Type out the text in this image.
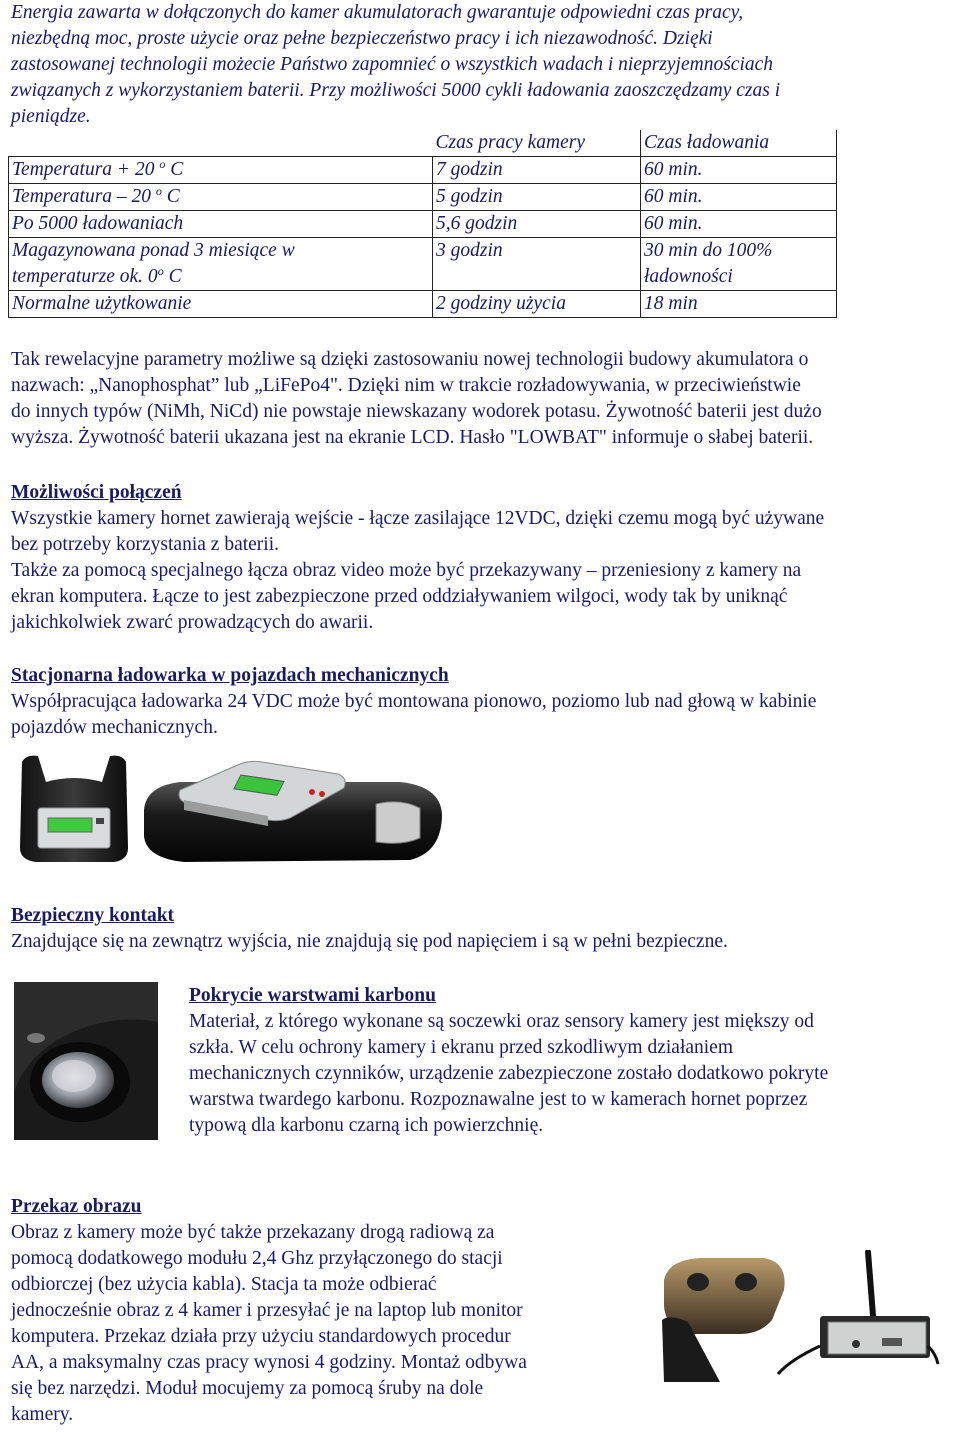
Energia zawarta w dołączonych do kamer akumulatorach gwarantuje odpowiedni czas pracy,

niezbędną moc, proste użycie oraz pełne bezpieczeństwo pracy i ich niezawodność. Dzięki

zastosowanej technologii możecie Państwo zapomnieć o wszystkich wadach i nieprzyjemnościach

związanych z wykorzystaniem baterii. Przy możliwości 5000 cykli ładowania zaoszczędzamy czas i

pieniądze.

	Czas pracy kamery	Czas ładowania
Temperatura + 20 $^o$ C	7 godzin	60 min.
Temperatura – 20 $^o$ C	5 godzin	60 min.
Po 5000 ładowaniach	5,6 godzin	60 min.
Magazynowana ponad 3 miesiące w
temperaturze ok. 0$^o$ C	3 godzin	30 min do 100%
ładowności
Normalne użytkowanie	2 godziny użycia	18 min

Tak rewelacyjne parametry możliwe są dzięki zastosowaniu nowej technologii budowy akumulatora o

nazwach: „Nanophosphat” lub „LiFePo4". Dzięki nim w trakcie rozładowywania, w przeciwieństwie

do innych typów (NiMh, NiCd) nie powstaje niewskazany wodorek potasu. Żywotność baterii jest dużo

wyższa. Żywotność baterii ukazana jest na ekranie LCD. Hasło "LOWBAT" informuje o słabej baterii.

Możliwości połączeń

Wszystkie kamery hornet zawierają wejście - łącze zasilające 12VDC, dzięki czemu mogą być używane

bez potrzeby korzystania z baterii.

Także za pomocą specjalnego łącza obraz video może być przekazywany – przeniesiony z kamery na

ekran komputera. Łącze to jest zabezpieczone przed oddziaływaniem wilgoci, wody tak by uniknąć

jakichkolwiek zwarć prowadzących do awarii.

Stacjonarna ładowarka w pojazdach mechanicznych

Współpracująca ładowarka 24 VDC może być montowana pionowo, poziomo lub nad głową w kabinie

pojazdów mechanicznych.

Bezpieczny kontakt

Znajdujące się na zewnątrz wyjścia, nie znajdują się pod napięciem i są w pełni bezpieczne.

Pokrycie warstwami karbonu

Materiał, z którego wykonane są soczewki oraz sensory kamery jest miększy od

szkła. W celu ochrony kamery i ekranu przed szkodliwym działaniem

mechanicznych czynników, urządzenie zabezpieczone zostało dodatkowo pokryte

warstwa twardego karbonu. Rozpoznawalne jest to w kamerach hornet poprzez

typową dla karbonu czarną ich powierzchnię.

Przekaz obrazu

Obraz z kamery może być także przekazany drogą radiową za

pomocą dodatkowego modułu 2,4 Ghz przyłączonego do stacji

odbiorczej (bez użycia kabla). Stacja ta może odbierać

jednocześnie obraz z 4 kamer i przesyłać je na laptop lub monitor

komputera. Przekaz działa przy użyciu standardowych procedur

AA, a maksymalny czas pracy wynosi 4 godziny. Montaż odbywa

się bez narzędzi. Moduł mocujemy za pomocą śruby na dole

kamery.
